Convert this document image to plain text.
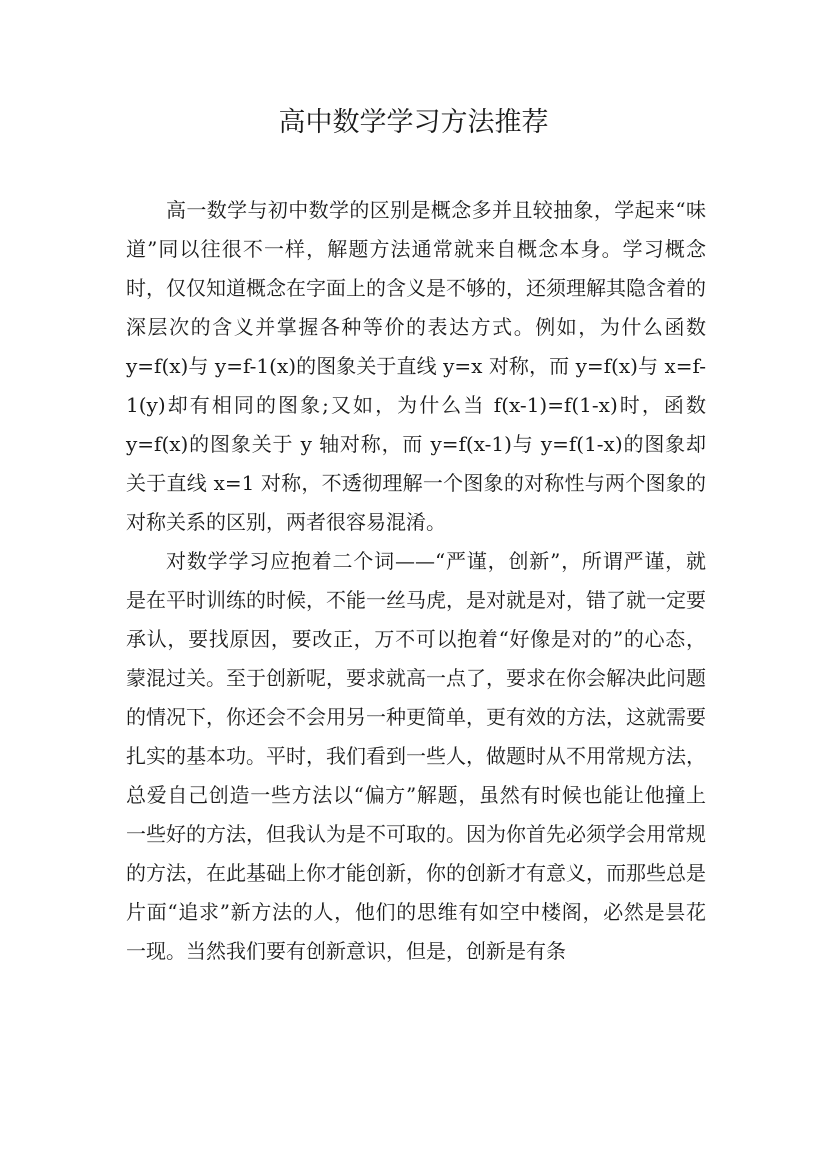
高中数学学习方法推荐

高一数学与初中数学的区别是概念多并且较抽象，学起来“味道”同以往很不一样，解题方法通常就来自概念本身。学习概念时，仅仅知道概念在字面上的含义是不够的，还须理解其隐含着的深层次的含义并掌握各种等价的表达方式。例如，为什么函数 y=f(x)与 y=f-1(x)的图象关于直线 y=x 对称，而 y=f(x)与 x=f-1(y)却有相同的图象;又如，为什么当 f(x-1)=f(1-x)时，函数 y=f(x)的图象关于 y 轴对称，而 y=f(x-1)与 y=f(1-x)的图象却关于直线 x=1 对称，不透彻理解一个图象的对称性与两个图象的对称关系的区别，两者很容易混淆。

对数学学习应抱着二个词——“严谨，创新”，所谓严谨，就是在平时训练的时候，不能一丝马虎，是对就是对，错了就一定要承认，要找原因，要改正，万不可以抱着“好像是对的”的心态，蒙混过关。至于创新呢，要求就高一点了，要求在你会解决此问题的情况下，你还会不会用另一种更简单，更有效的方法，这就需要扎实的基本功。平时，我们看到一些人，做题时从不用常规方法，总爱自己创造一些方法以“偏方”解题，虽然有时候也能让他撞上一些好的方法，但我认为是不可取的。因为你首先必须学会用常规的方法，在此基础上你才能创新，你的创新才有意义，而那些总是片面“追求”新方法的人，他们的思维有如空中楼阁，必然是昙花一现。当然我们要有创新意识，但是，创新是有条
